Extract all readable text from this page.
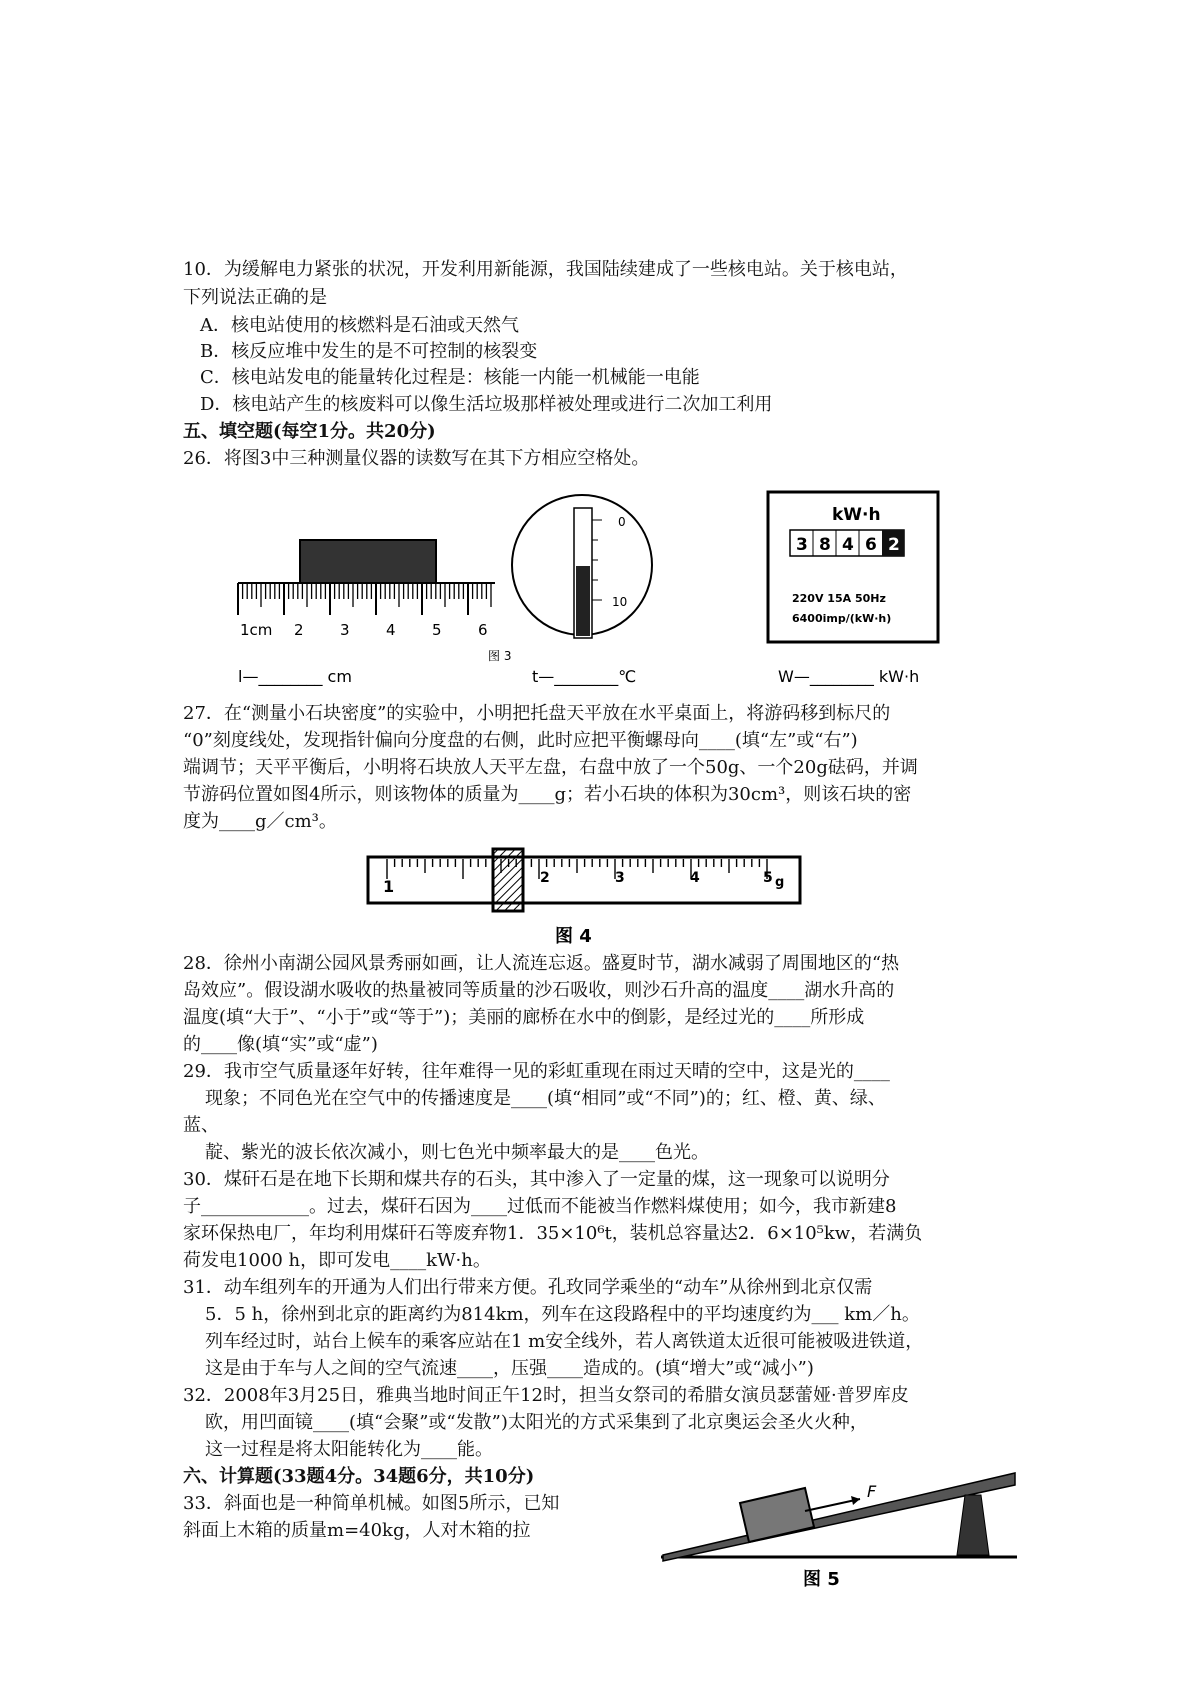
10．为缓解电力紧张的状况，开发利用新能源，我国陆续建成了一些核电站。关于核电站，
下列说法正确的是
A．核电站使用的核燃料是石油或天然气
B．核反应堆中发生的是不可控制的核裂变
C．核电站发电的能量转化过程是：核能一内能一机械能一电能
D．核电站产生的核废料可以像生活垃圾那样被处理或进行二次加工利用
五、填空题(每空1分。共20分)
26．将图3中三种测量仪器的读数写在其下方相应空格处。
1cm 2 3 4 5 6
l—________ cm
0
10
图 3
t—________℃
kW·h
3 8 4 6 2
220V 15A 50Hz
6400imp/(kW·h)
W—________ kW·h
27．在“测量小石块密度”的实验中，小明把托盘天平放在水平桌面上，将游码移到标尺的
“0”刻度线处，发现指针偏向分度盘的右侧，此时应把平衡螺母向____(填“左”或“右”)
端调节；天平平衡后，小明将石块放人天平左盘，右盘中放了一个50g、一个20g砝码，并调
节游码位置如图4所示，则该物体的质量为____g；若小石块的体积为30cm³，则该石块的密
度为____g／cm³。
1	2	3	4	5 g
图 4
28．徐州小南湖公园风景秀丽如画，让人流连忘返。盛夏时节，湖水减弱了周围地区的“热
岛效应”。假设湖水吸收的热量被同等质量的沙石吸收，则沙石升高的温度____湖水升高的
温度(填“大于”、“小于”或“等于”)；美丽的廊桥在水中的倒影，是经过光的____所形成
的____像(填“实”或“虚”)
29．我市空气质量逐年好转，往年难得一见的彩虹重现在雨过天晴的空中，这是光的____
现象；不同色光在空气中的传播速度是____(填“相同”或“不同”)的；红、橙、黄、绿、
蓝、
靛、紫光的波长依次减小，则七色光中频率最大的是____色光。
30．煤矸石是在地下长期和煤共存的石头，其中渗入了一定量的煤，这一现象可以说明分
子____________。过去，煤矸石因为____过低而不能被当作燃料煤使用；如今，我市新建8
家环保热电厂，年均利用煤矸石等废弃物1．35×10⁶t，装机总容量达2．6×10⁵kw，若满负
荷发电1000 h，即可发电____kW·h。
31．动车组列车的开通为人们出行带来方便。孔玫同学乘坐的“动车”从徐州到北京仅需
5．5 h，徐州到北京的距离约为814km，列车在这段路程中的平均速度约为___ km／h。
列车经过时，站台上候车的乘客应站在1 m安全线外，若人离铁道太近很可能被吸进铁道，
这是由于车与人之间的空气流速____，压强____造成的。(填“增大”或“减小”)
32．2008年3月25日，雅典当地时间正午12时，担当女祭司的希腊女演员瑟蕾娅·普罗库皮
欧，用凹面镜____(填“会聚”或“发散”)太阳光的方式采集到了北京奥运会圣火火种，
这一过程是将太阳能转化为____能。
六、计算题(33题4分。34题6分，共10分)
33．斜面也是一种简单机械。如图5所示，已知
斜面上木箱的质量m=40kg，人对木箱的拉
F
图 5
